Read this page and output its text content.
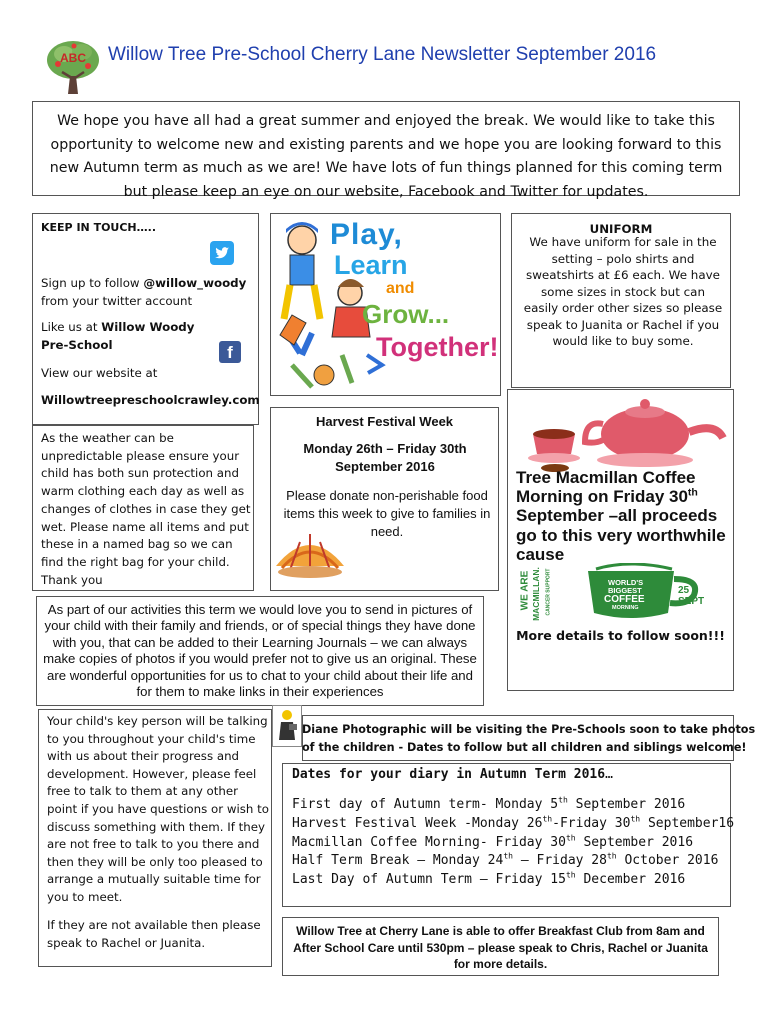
ABC Willow Tree Pre-School Cherry Lane Newsletter September 2016
We hope you have all had a great summer and enjoyed the break. We would like to take this opportunity to welcome new and existing parents and we hope you are looking forward to this new Autumn term as much as we are! We have lots of fun things planned for this coming term but please keep an eye on our website, Facebook and Twitter for updates.
KEEP IN TOUCH…..
Sign up to follow @willow_woody
from your twitter account
Like us at Willow Woody Pre-School	f
View our website at
Willowtreepreschoolcrawley.com
Play,
Learn
and
Grow...
Together!
UNIFORM
We have uniform for sale in the setting – polo shirts and sweatshirts at £6 each. We have some sizes in stock but can easily order other sizes so please speak to Juanita or Rachel if you would like to buy some.
As the weather can be unpredictable please ensure your child has both sun protection and warm clothing each day as well as changes of clothes in case they get wet. Please name all items and put these in a named bag so we can find the right bag for your child. Thank you
Harvest Festival Week
Monday 26th – Friday 30th September 2016
Please donate non-perishable food items this week to give to families in need.
Tree Macmillan Coffee
Morning on Friday 30th
September –all proceeds go to this very worthwhile cause
WE ARE MACMILLAN. CANCER SUPPORT	WORLD'S
BIGGEST
COFFEE
MORNING
25 SEPT
More details to follow soon!!!
As part of our activities this term we would love you to send in pictures of your child with their family and friends, or of special things they have done with you, that can be added to their Learning Journals – we can always make copies of photos if you would prefer not to give us an original. These are wonderful opportunities for us to chat to your child about their life and for them to make links in their experiences
Your child's key person will be talking to you throughout your child's time with us about their progress and development. However, please feel free to talk to them at any other point if you have questions or wish to discuss something with them. If they are not free to talk to you there and then they will be only too pleased to arrange a mutually suitable time for you to meet.
If they are not available then please speak to Rachel or Juanita.
Diane Photographic will be visiting the Pre-Schools soon to take photos
of the children - Dates to follow but all children and siblings welcome!
Dates for your diary in Autumn Term 2016…
First day of Autumn term- Monday 5th September 2016
Harvest Festival Week -Monday 26th-Friday 30th September16
Macmillan Coffee Morning- Friday 30th September 2016
Half Term Break – Monday 24th – Friday 28th October 2016
Last Day of Autumn Term – Friday 15th December 2016
Willow Tree at Cherry Lane is able to offer Breakfast Club from 8am and After School Care until 530pm – please speak to Chris, Rachel or Juanita for more details.
